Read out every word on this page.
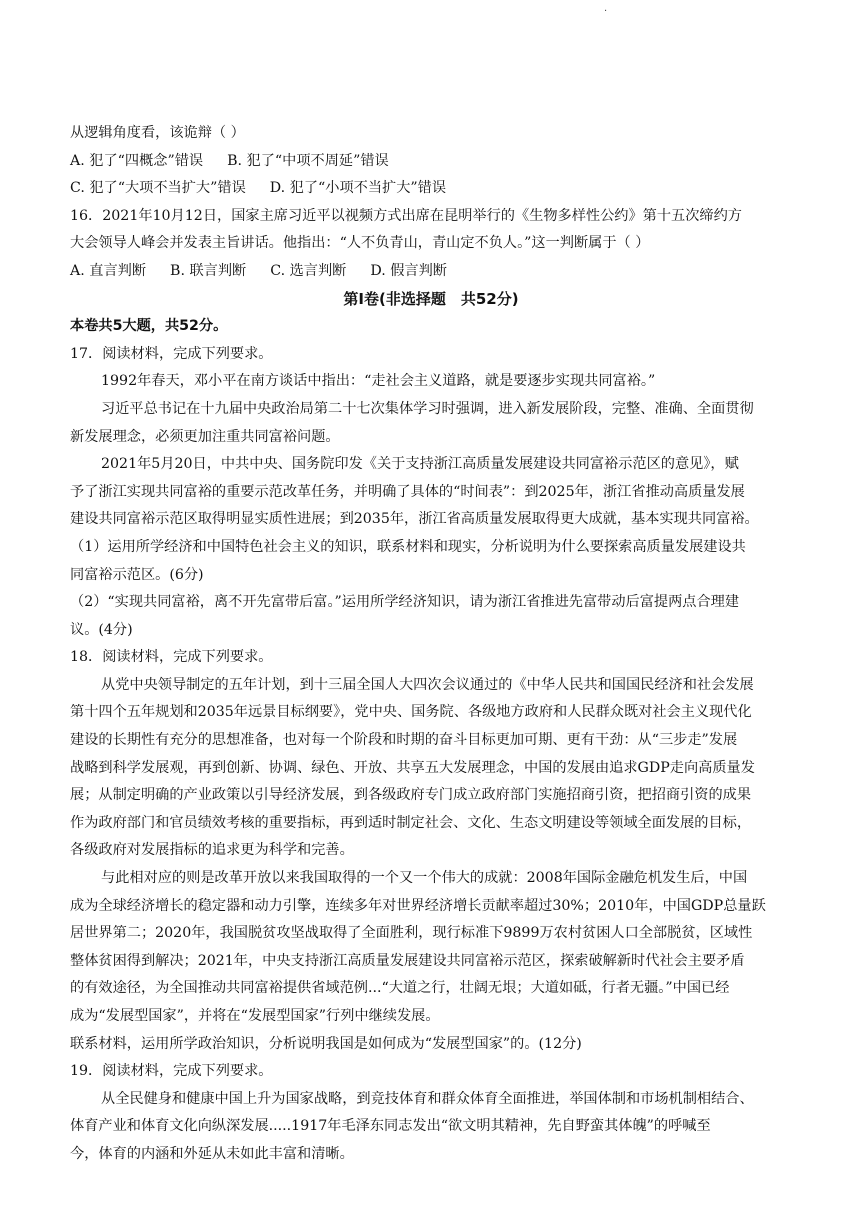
·
从逻辑角度看，该诡辩（ ）
A. 犯了“四概念”错误 B. 犯了“中项不周延”错误
C. 犯了“大项不当扩大”错误 D. 犯了“小项不当扩大”错误
16．2021年10月12日，国家主席习近平以视频方式出席在昆明举行的《生物多样性公约》第十五次缔约方
大会领导人峰会并发表主旨讲话。他指出：“人不负青山，青山定不负人。”这一判断属于（ ）
A. 直言判断 B. 联言判断 C. 选言判断 D. 假言判断
第Ⅰ卷(非选择题　共52分)
本卷共5大题，共52分。
17．阅读材料，完成下列要求。
1992年春天，邓小平在南方谈话中指出：“走社会主义道路，就是要逐步实现共同富裕。”
习近平总书记在十九届中央政治局第二十七次集体学习时强调，进入新发展阶段，完整、准确、全面贯彻
新发展理念，必须更加注重共同富裕问题。
2021年5月20日，中共中央、国务院印发《关于支持浙江高质量发展建设共同富裕示范区的意见》，赋
予了浙江实现共同富裕的重要示范改革任务，并明确了具体的“时间表”：到2025年，浙江省推动高质量发展
建设共同富裕示范区取得明显实质性进展；到2035年，浙江省高质量发展取得更大成就，基本实现共同富裕。
（1）运用所学经济和中国特色社会主义的知识，联系材料和现实，分析说明为什么要探索高质量发展建设共
同富裕示范区。(6分)
（2）“实现共同富裕，离不开先富带后富。”运用所学经济知识，请为浙江省推进先富带动后富提两点合理建
议。(4分)
18．阅读材料，完成下列要求。
从党中央领导制定的五年计划，到十三届全国人大四次会议通过的《中华人民共和国国民经济和社会发展
第十四个五年规划和2035年远景目标纲要》，党中央、国务院、各级地方政府和人民群众既对社会主义现代化
建设的长期性有充分的思想准备，也对每一个阶段和时期的奋斗目标更加可期、更有干劲：从“三步走”发展
战略到科学发展观，再到创新、协调、绿色、开放、共享五大发展理念，中国的发展由追求GDP走向高质量发
展；从制定明确的产业政策以引导经济发展，到各级政府专门成立政府部门实施招商引资，把招商引资的成果
作为政府部门和官员绩效考核的重要指标，再到适时制定社会、文化、生态文明建设等领域全面发展的目标，
各级政府对发展指标的追求更为科学和完善。
与此相对应的则是改革开放以来我国取得的一个又一个伟大的成就：2008年国际金融危机发生后，中国
成为全球经济增长的稳定器和动力引擎，连续多年对世界经济增长贡献率超过30%；2010年，中国GDP总量跃
居世界第二；2020年，我国脱贫攻坚战取得了全面胜利，现行标准下9899万农村贫困人口全部脱贫，区域性
整体贫困得到解决；2021年，中央支持浙江高质量发展建设共同富裕示范区，探索破解新时代社会主要矛盾
的有效途径，为全国推动共同富裕提供省域范例...“大道之行，壮阔无垠；大道如砥，行者无疆。”中国已经
成为“发展型国家”，并将在“发展型国家”行列中继续发展。
联系材料，运用所学政治知识，分析说明我国是如何成为“发展型国家”的。(12分)
19．阅读材料，完成下列要求。
从全民健身和健康中国上升为国家战略，到竞技体育和群众体育全面推进，举国体制和市场机制相结合、
体育产业和体育文化向纵深发展.....1917年毛泽东同志发出“欲文明其精神，先自野蛮其体魄”的呼喊至
今，体育的内涵和外延从未如此丰富和清晰。
